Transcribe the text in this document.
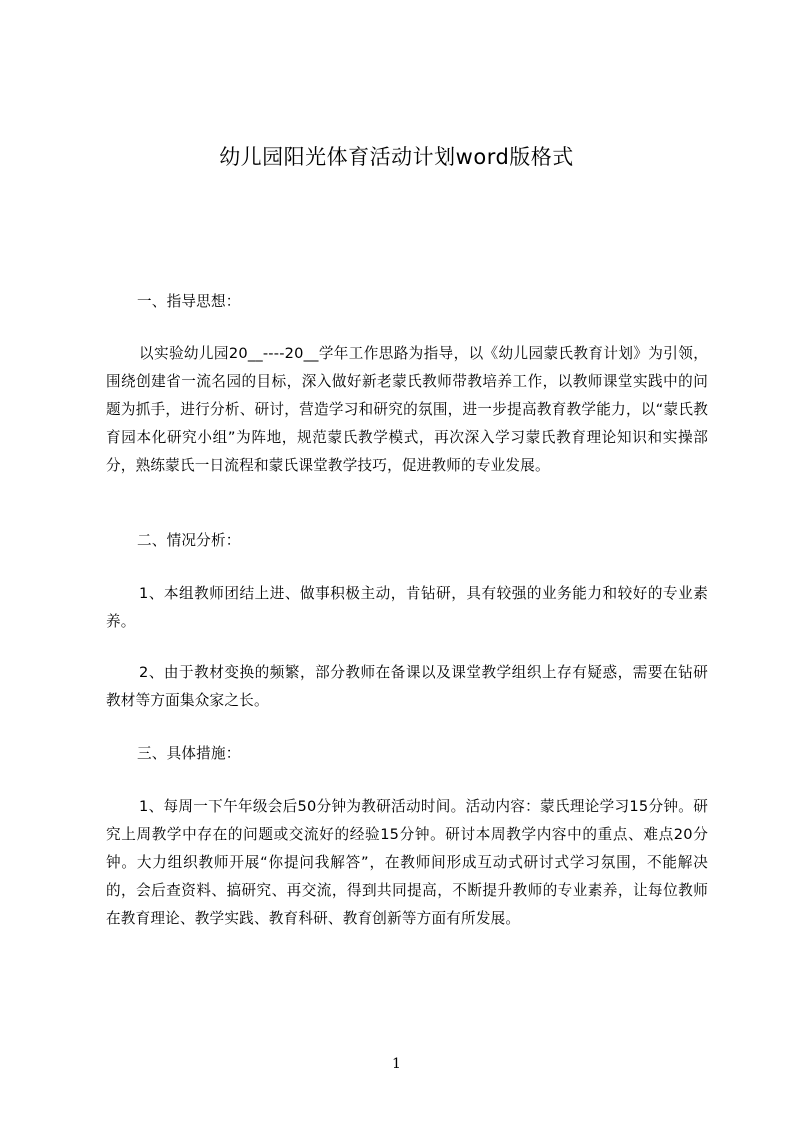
幼儿园阳光体育活动计划word版格式
一、指导思想：
以实验幼儿园20__----20__学年工作思路为指导，以《幼儿园蒙氏教育计划》为引领，围绕创建省一流名园的目标，深入做好新老蒙氏教师带教培养工作，以教师课堂实践中的问题为抓手，进行分析、研讨，营造学习和研究的氛围，进一步提高教育教学能力，以“蒙氏教育园本化研究小组”为阵地，规范蒙氏教学模式，再次深入学习蒙氏教育理论知识和实操部分，熟练蒙氏一日流程和蒙氏课堂教学技巧，促进教师的专业发展。
二、情况分析：
1、本组教师团结上进、做事积极主动，肯钻研，具有较强的业务能力和较好的专业素养。
2、由于教材变换的频繁，部分教师在备课以及课堂教学组织上存有疑惑，需要在钻研教材等方面集众家之长。
三、具体措施：
1、每周一下午年级会后50分钟为教研活动时间。活动内容：蒙氏理论学习15分钟。研究上周教学中存在的问题或交流好的经验15分钟。研讨本周教学内容中的重点、难点20分钟。大力组织教师开展“你提问我解答”，在教师间形成互动式研讨式学习氛围，不能解决的，会后查资料、搞研究、再交流，得到共同提高，不断提升教师的专业素养，让每位教师在教育理论、教学实践、教育科研、教育创新等方面有所发展。
1
